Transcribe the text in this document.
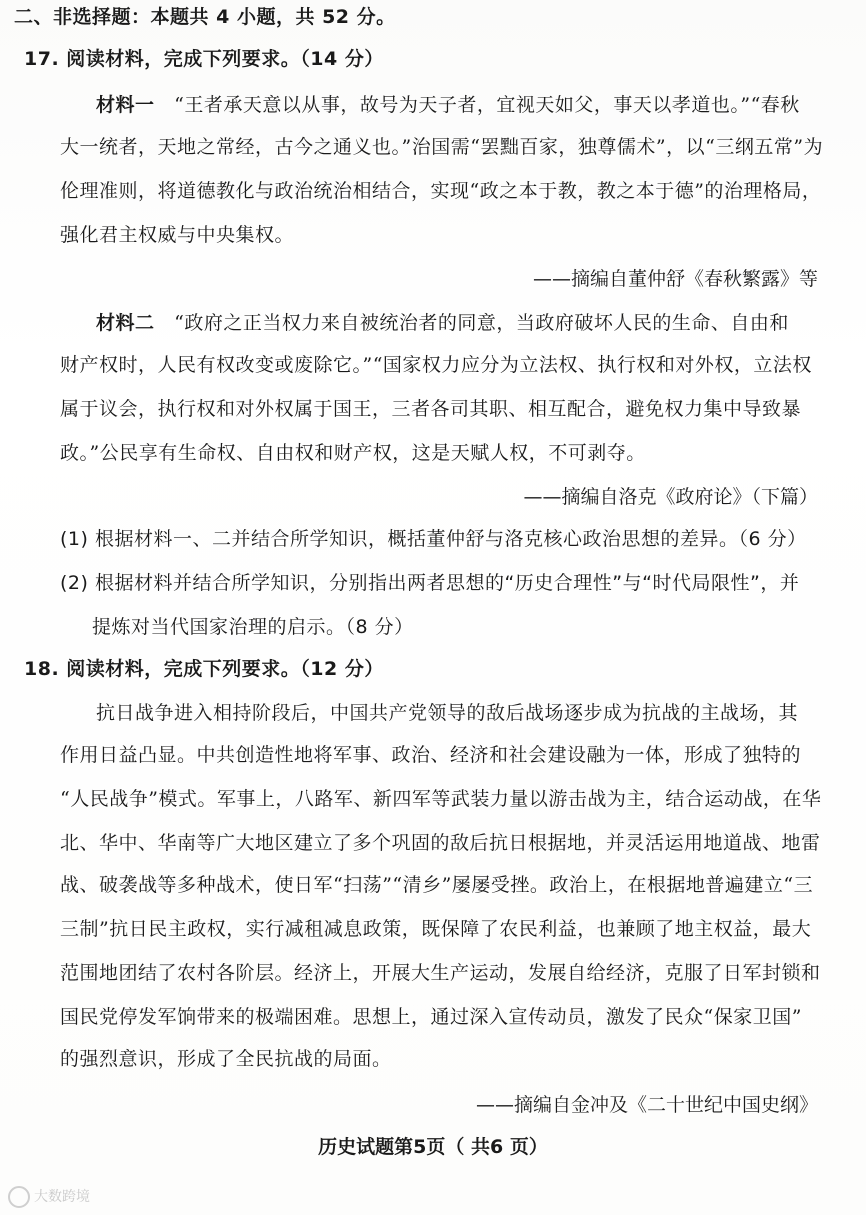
二、非选择题：本题共 4 小题，共 52 分。
17. 阅读材料，完成下列要求。（14 分）
材料一 “王者承天意以从事，故号为天子者，宜视天如父，事天以孝道也。”“春秋
大一统者，天地之常经，古今之通义也。”治国需“罢黜百家，独尊儒术”，以“三纲五常”为
伦理准则，将道德教化与政治统治相结合，实现“政之本于教，教之本于德”的治理格局，
强化君主权威与中央集权。
——摘编自董仲舒《春秋繁露》等
材料二 “政府之正当权力来自被统治者的同意，当政府破坏人民的生命、自由和
财产权时，人民有权改变或废除它。”“国家权力应分为立法权、执行权和对外权，立法权
属于议会，执行权和对外权属于国王，三者各司其职、相互配合，避免权力集中导致暴
政。”公民享有生命权、自由权和财产权，这是天赋人权，不可剥夺。
——摘编自洛克《政府论》（下篇）
(1) 根据材料一、二并结合所学知识，概括董仲舒与洛克核心政治思想的差异。（6 分）
(2) 根据材料并结合所学知识，分别指出两者思想的“历史合理性”与“时代局限性”，并
提炼对当代国家治理的启示。（8 分）
18. 阅读材料，完成下列要求。（12 分）
抗日战争进入相持阶段后，中国共产党领导的敌后战场逐步成为抗战的主战场，其
作用日益凸显。中共创造性地将军事、政治、经济和社会建设融为一体，形成了独特的
“人民战争”模式。军事上，八路军、新四军等武装力量以游击战为主，结合运动战，在华
北、华中、华南等广大地区建立了多个巩固的敌后抗日根据地，并灵活运用地道战、地雷
战、破袭战等多种战术，使日军“扫荡”“清乡”屡屡受挫。政治上，在根据地普遍建立“三
三制”抗日民主政权，实行减租减息政策，既保障了农民利益，也兼顾了地主权益，最大
范围地团结了农村各阶层。经济上，开展大生产运动，发展自给经济，克服了日军封锁和
国民党停发军饷带来的极端困难。思想上，通过深入宣传动员，激发了民众“保家卫国”
的强烈意识，形成了全民抗战的局面。
——摘编自金冲及《二十世纪中国史纲》
历史试题第5页（ 共6 页）
大数跨境
